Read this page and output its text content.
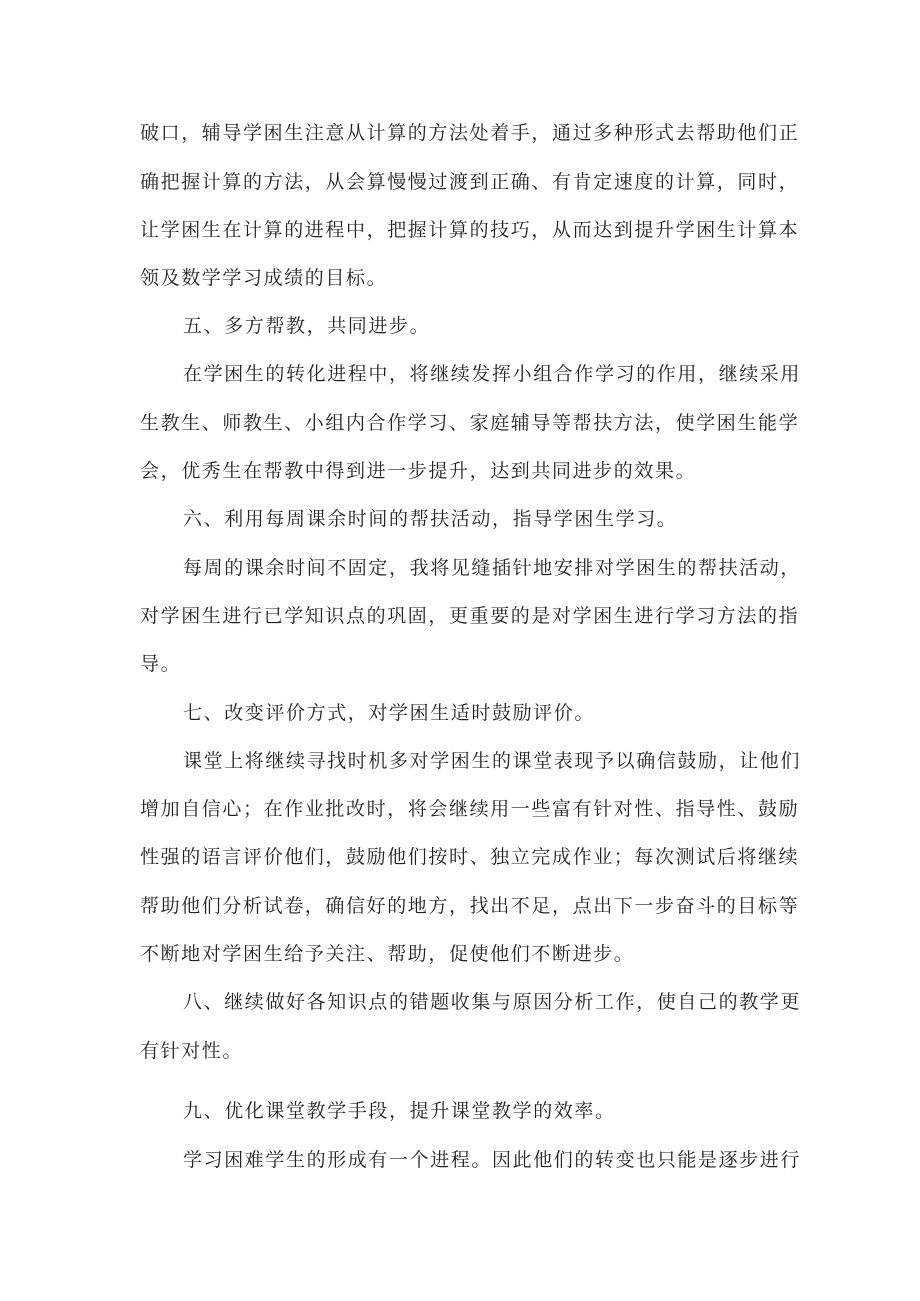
破口，辅导学困生注意从计算的方法处着手，通过多种形式去帮助他们正
确把握计算的方法，从会算慢慢过渡到正确、有肯定速度的计算，同时，
让学困生在计算的进程中，把握计算的技巧，从而达到提升学困生计算本
领及数学学习成绩的目标。
五、多方帮教，共同进步。
在学困生的转化进程中，将继续发挥小组合作学习的作用，继续采用
生教生、师教生、小组内合作学习、家庭辅导等帮扶方法，使学困生能学
会，优秀生在帮教中得到进一步提升，达到共同进步的效果。
六、利用每周课余时间的帮扶活动，指导学困生学习。
每周的课余时间不固定，我将见缝插针地安排对学困生的帮扶活动，
对学困生进行已学知识点的巩固，更重要的是对学困生进行学习方法的指
导。
七、改变评价方式，对学困生适时鼓励评价。
课堂上将继续寻找时机多对学困生的课堂表现予以确信鼓励，让他们
增加自信心；在作业批改时，将会继续用一些富有针对性、指导性、鼓励
性强的语言评价他们，鼓励他们按时、独立完成作业；每次测试后将继续
帮助他们分析试卷，确信好的地方，找出不足，点出下一步奋斗的目标等
不断地对学困生给予关注、帮助，促使他们不断进步。
八、继续做好各知识点的错题收集与原因分析工作，使自己的教学更
有针对性。
九、优化课堂教学手段，提升课堂教学的效率。
学习困难学生的形成有一个进程。因此他们的转变也只能是逐步进行
